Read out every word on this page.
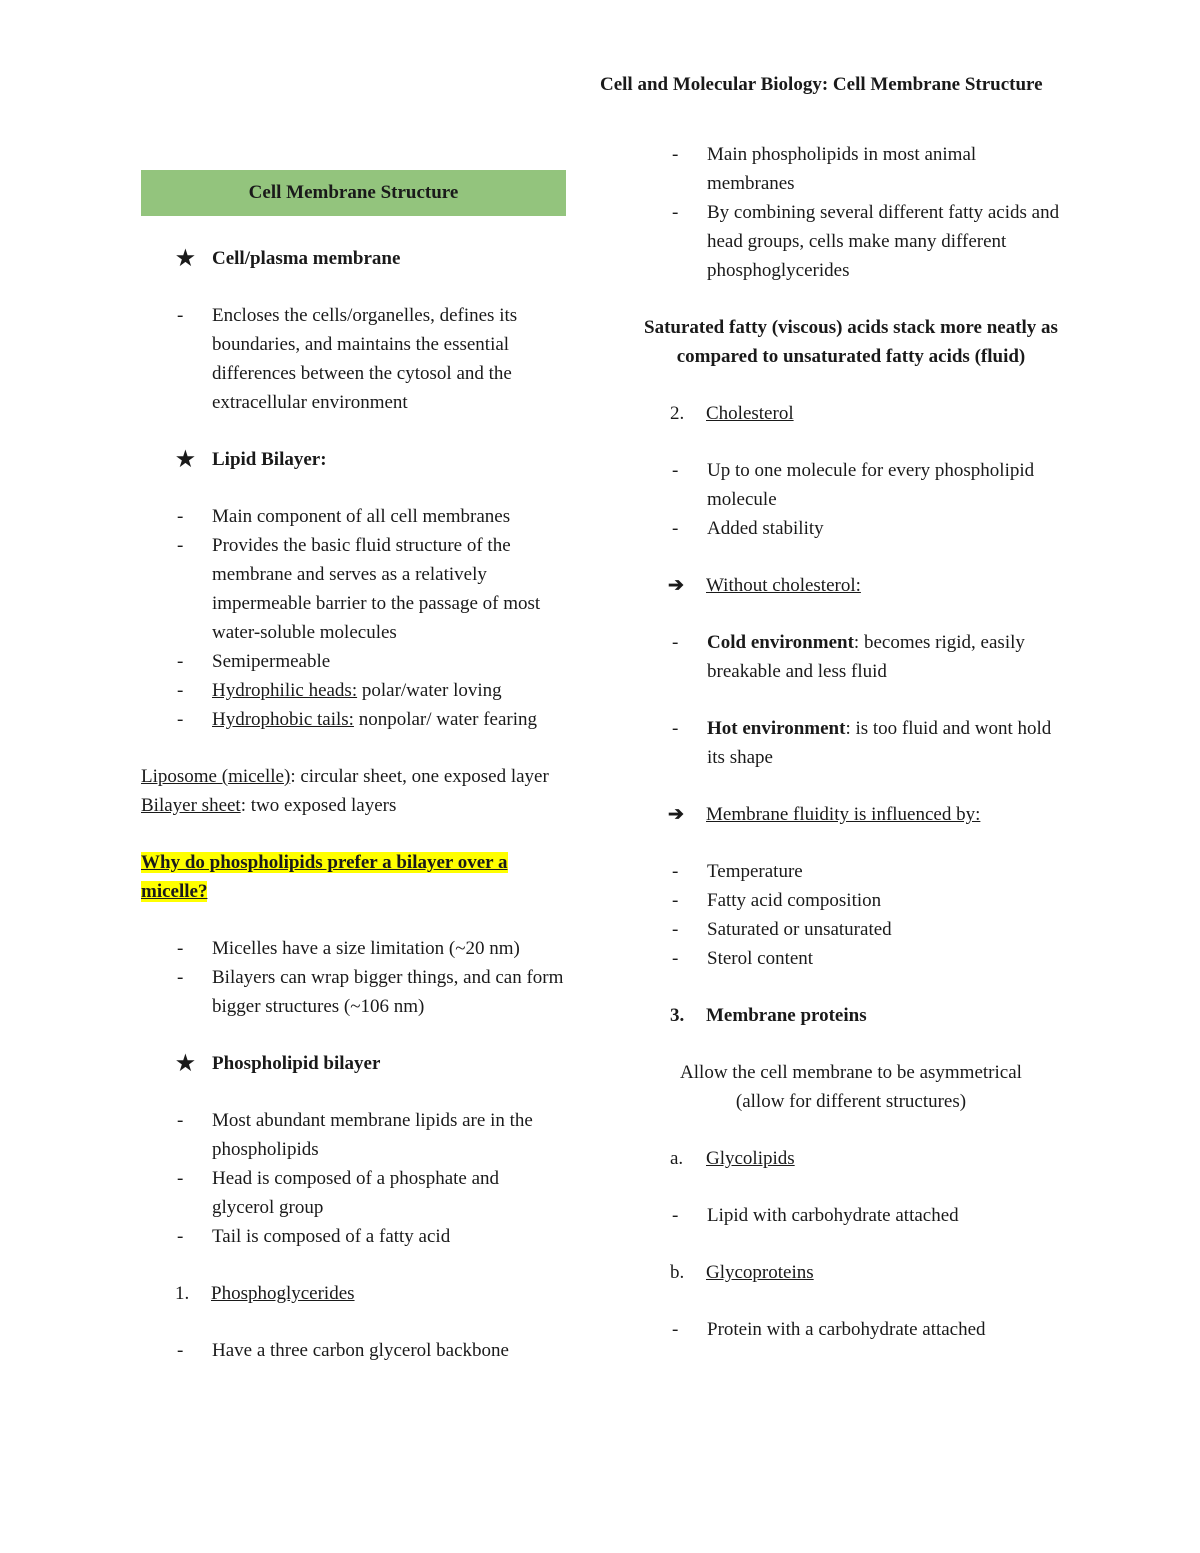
Cell and Molecular Biology: Cell Membrane Structure
Cell Membrane Structure
★ Cell/plasma membrane
- Encloses the cells/organelles, defines its boundaries, and maintains the essential differences between the cytosol and the extracellular environment
★ Lipid Bilayer:
- Main component of all cell membranes
- Provides the basic fluid structure of the membrane and serves as a relatively impermeable barrier to the passage of most water-soluble molecules
- Semipermeable
- Hydrophilic heads: polar/water loving
- Hydrophobic tails: nonpolar/ water fearing
Liposome (micelle): circular sheet, one exposed layer
Bilayer sheet: two exposed layers
Why do phospholipids prefer a bilayer over a micelle?
- Micelles have a size limitation (~20 nm)
- Bilayers can wrap bigger things, and can form bigger structures (~106 nm)
★ Phospholipid bilayer
- Most abundant membrane lipids are in the phospholipids
- Head is composed of a phosphate and glycerol group
- Tail is composed of a fatty acid
1. Phosphoglycerides
- Have a three carbon glycerol backbone
- Main phospholipids in most animal membranes
- By combining several different fatty acids and head groups, cells make many different phosphoglycerides
Saturated fatty (viscous) acids stack more neatly as compared to unsaturated fatty acids (fluid)
2. Cholesterol
- Up to one molecule for every phospholipid molecule
- Added stability
➔ Without cholesterol:
- Cold environment: becomes rigid, easily breakable and less fluid
- Hot environment: is too fluid and wont hold its shape
➔ Membrane fluidity is influenced by:
- Temperature
- Fatty acid composition
- Saturated or unsaturated
- Sterol content
3. Membrane proteins
Allow the cell membrane to be asymmetrical (allow for different structures)
a. Glycolipids
- Lipid with carbohydrate attached
b. Glycoproteins
- Protein with a carbohydrate attached
